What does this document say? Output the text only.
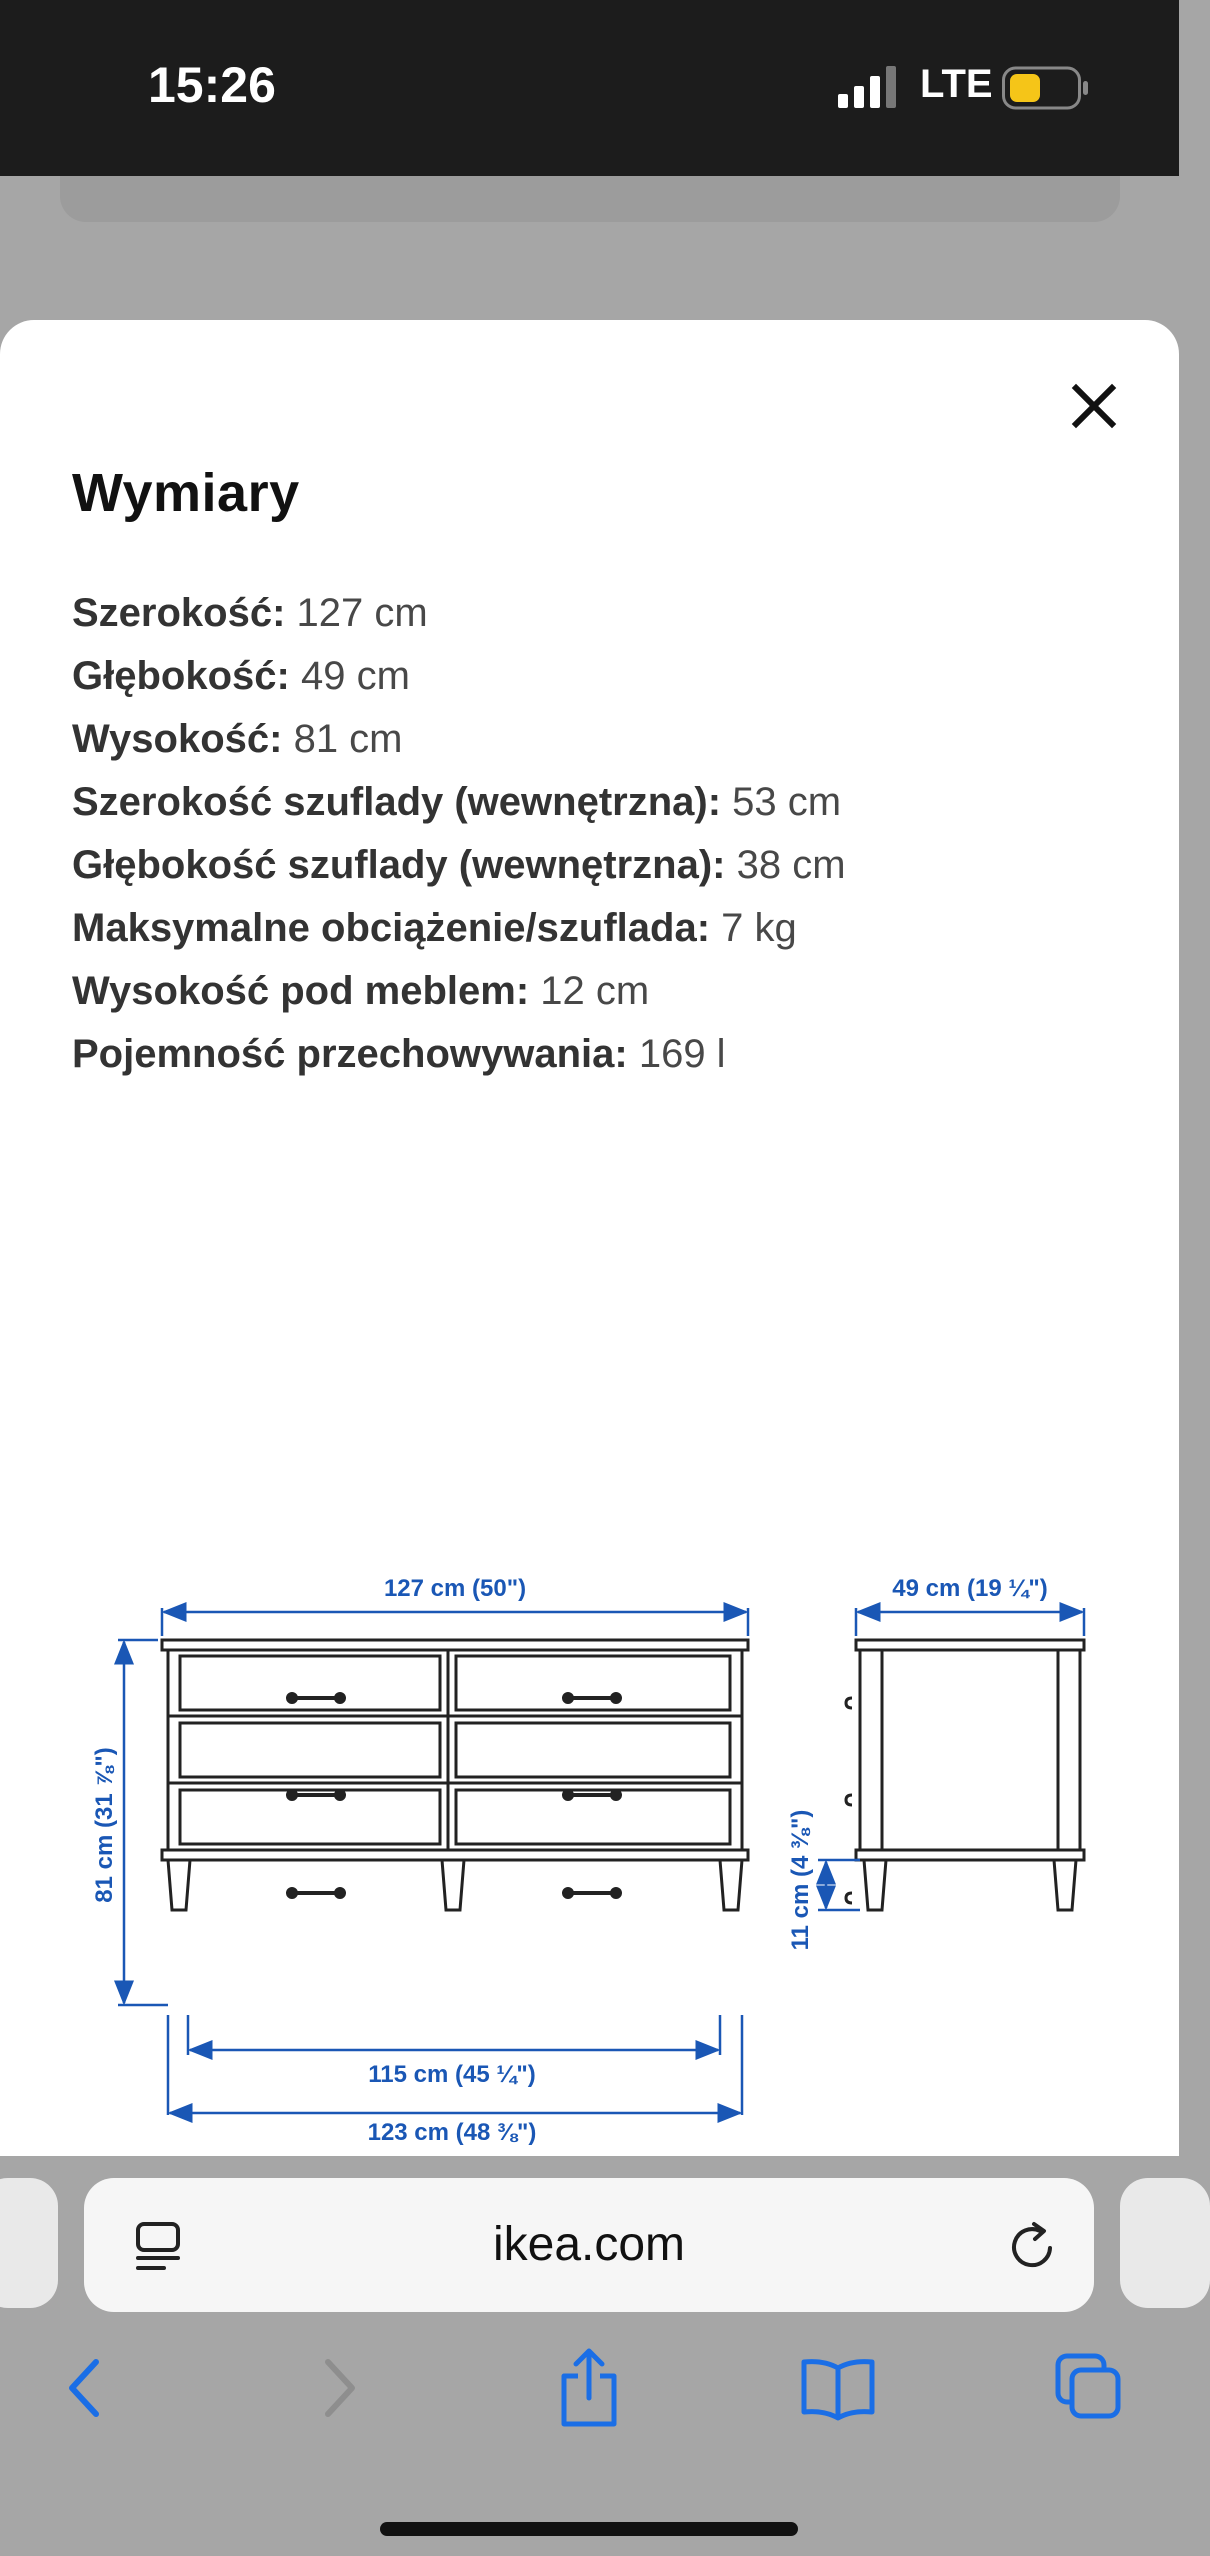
15:26	LTE
Wymiary
Szerokość: 127 cm
Głębokość: 49 cm
Wysokość: 81 cm
Szerokość szuflady (wewnętrzna): 53 cm
Głębokość szuflady (wewnętrzna): 38 cm
Maksymalne obciążenie/szuflada: 7 kg
Wysokość pod meblem: 12 cm
Pojemność przechowywania: 169 l
127 cm (50")
81 cm (31 ⅞")
115 cm (45 ¼")
123 cm (48 ⅜")
49 cm (19 ¼")
11 cm (4 ⅜")
ikea.com
